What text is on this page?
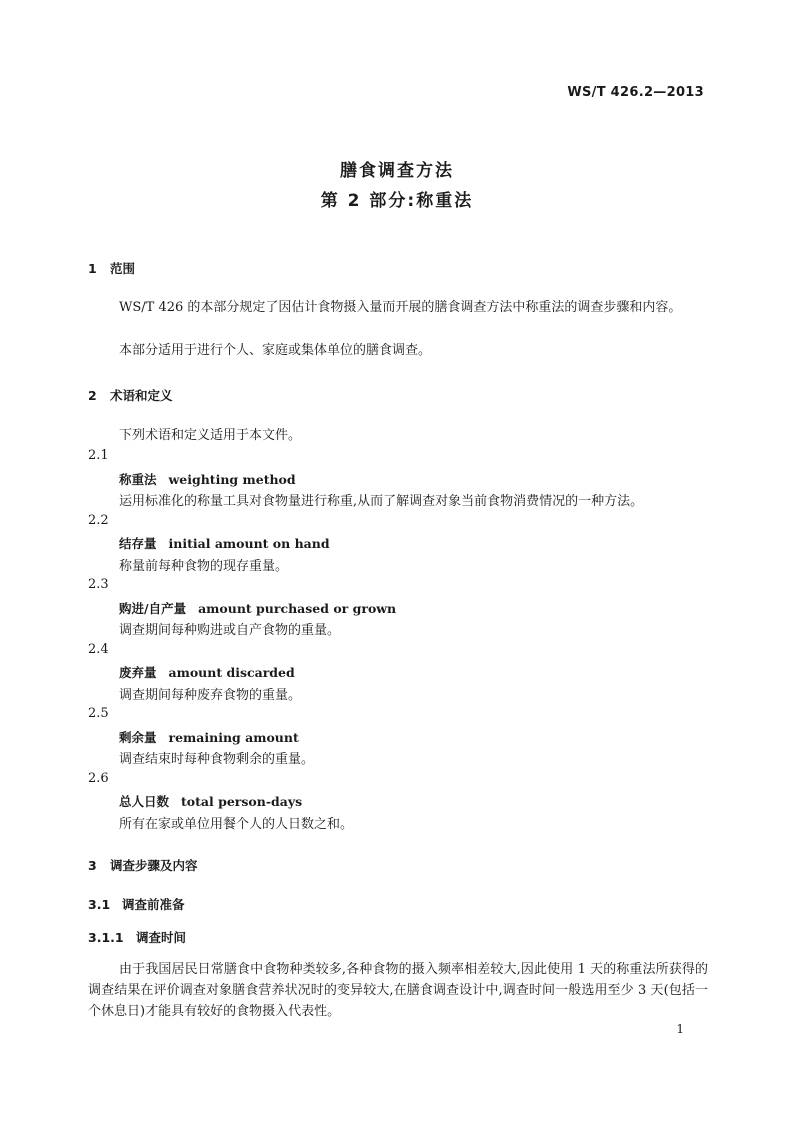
WS/T 426.2—2013
膳食调查方法
第 2 部分:称重法
1 范围
WS/T 426 的本部分规定了因估计食物摄入量而开展的膳食调查方法中称重法的调查步骤和内容。
本部分适用于进行个人、家庭或集体单位的膳食调查。
2 术语和定义
下列术语和定义适用于本文件。
2.1
称重法 weighting method
运用标准化的称量工具对食物量进行称重,从而了解调查对象当前食物消费情况的一种方法。
2.2
结存量 initial amount on hand
称量前每种食物的现存重量。
2.3
购进/自产量 amount purchased or grown
调查期间每种购进或自产食物的重量。
2.4
废弃量 amount discarded
调查期间每种废弃食物的重量。
2.5
剩余量 remaining amount
调查结束时每种食物剩余的重量。
2.6
总人日数 total person-days
所有在家或单位用餐个人的人日数之和。
3 调查步骤及内容
3.1 调查前准备
3.1.1 调查时间
由于我国居民日常膳食中食物种类较多,各种食物的摄入频率相差较大,因此使用 1 天的称重法所获得的调查结果在评价调查对象膳食营养状况时的变异较大,在膳食调查设计中,调查时间一般选用至少 3 天(包括一个休息日)才能具有较好的食物摄入代表性。
1
